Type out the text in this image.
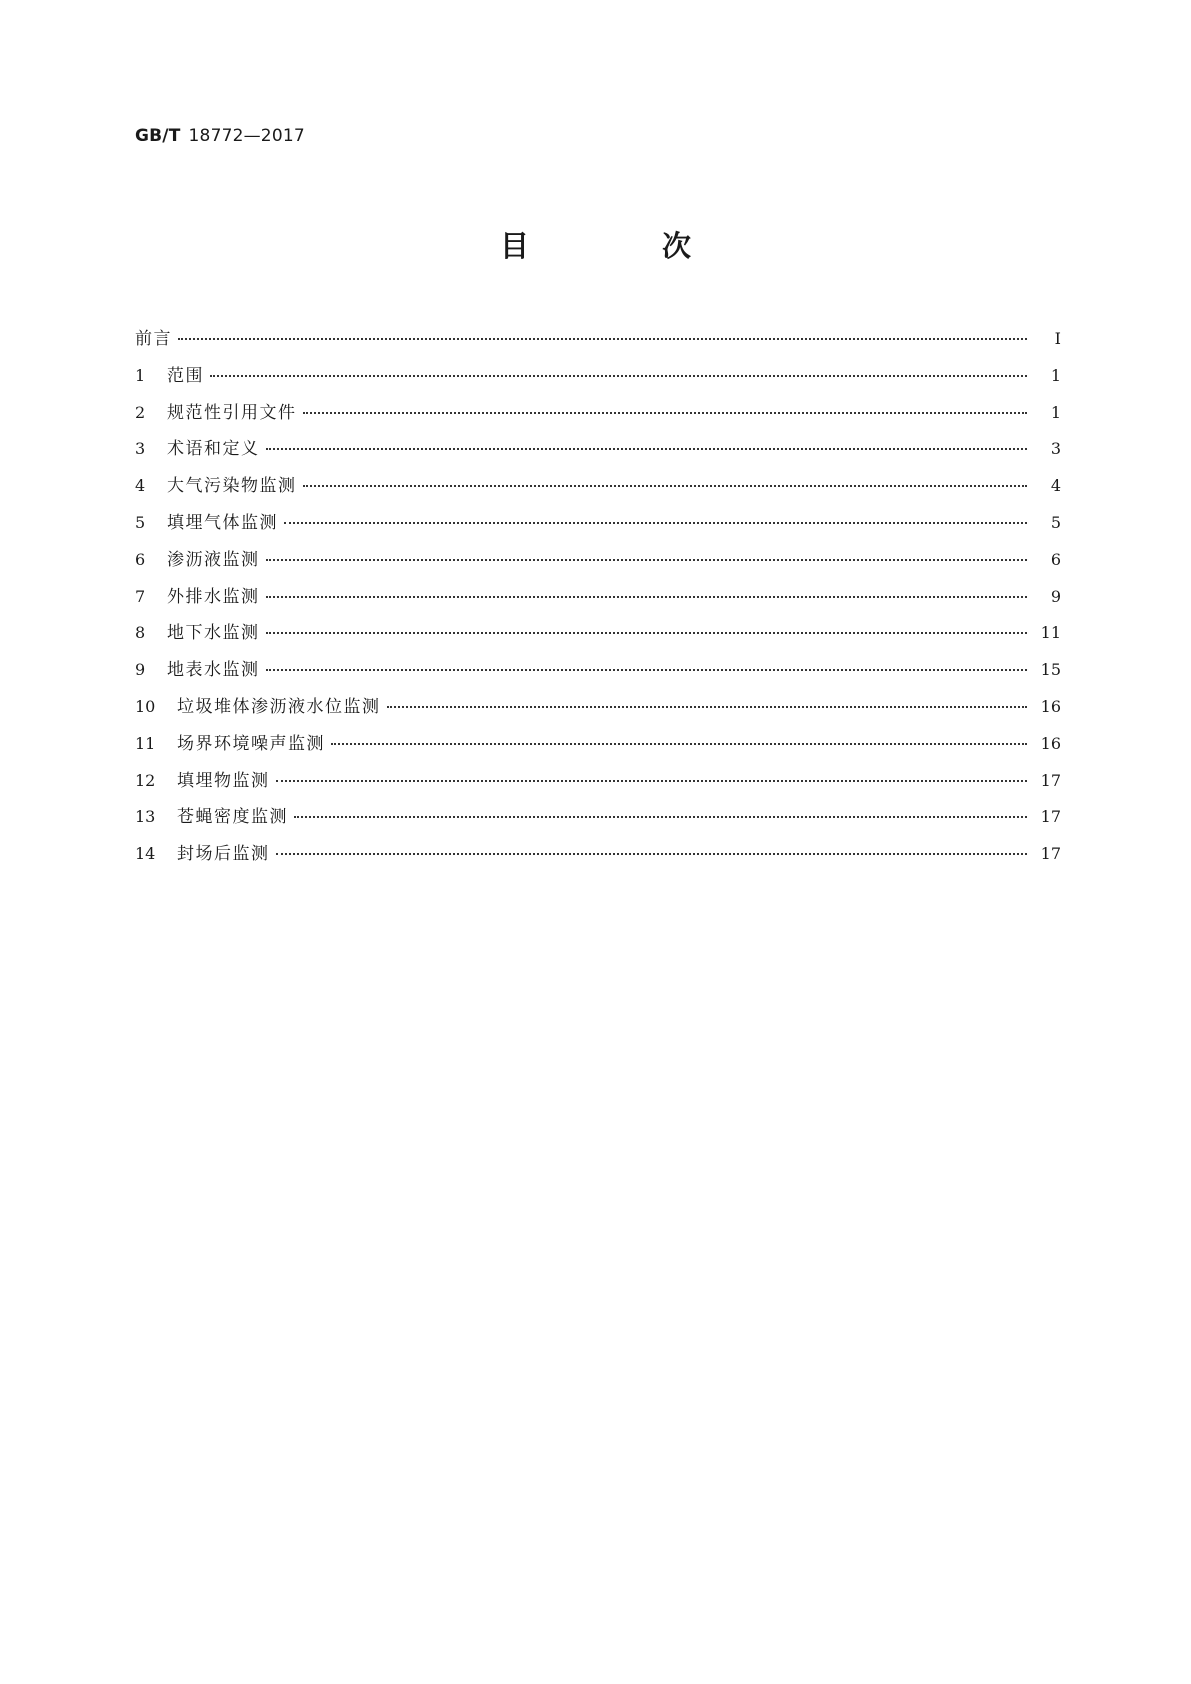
GB/T 18772—2017
目　次
前言	Ⅰ
1	范围	1
2	规范性引用文件	1
3	术语和定义	3
4	大气污染物监测	4
5	填埋气体监测	5
6	渗沥液监测	6
7	外排水监测	9
8	地下水监测	11
9	地表水监测	15
10	垃圾堆体渗沥液水位监测	16
11	场界环境噪声监测	16
12	填埋物监测	17
13	苍蝇密度监测	17
14	封场后监测	17
